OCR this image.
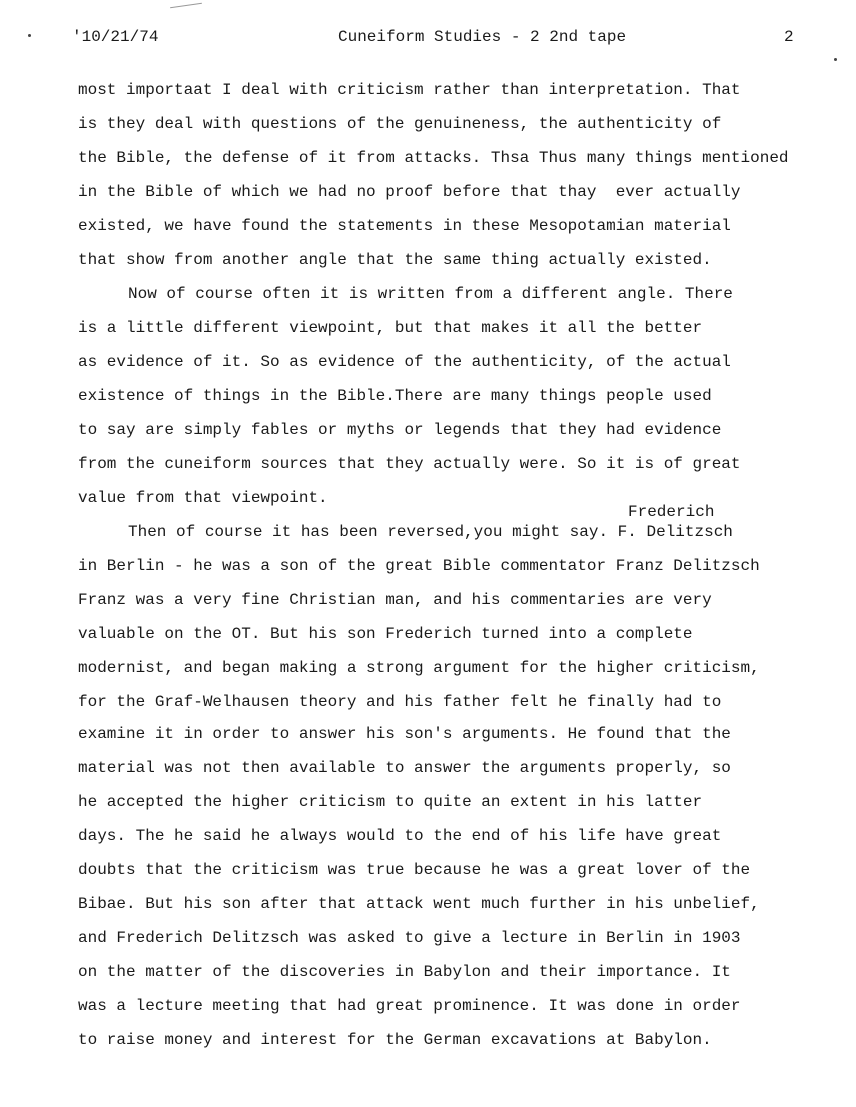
'10/21/74	Cuneiform Studies - 2 2nd tape	2
most importaat I deal with criticism rather than interpretation. That
is they deal with questions of the genuineness, the authenticity of
the Bible, the defense of it from attacks. Thsa Thus many things mentioned
in the Bible of which we had no proof before that thay  ever actually
existed, we have found the statements in these Mesopotamian material
that show from another angle that the same thing actually existed.
Now of course often it is written from a different angle. There
is a little different viewpoint, but that makes it all the better
as evidence of it. So as evidence of the authenticity, of the actual
existence of things in the Bible.There are many things people used
to say are simply fables or myths or legends that they had evidence
from the cuneiform sources that they actually were. So it is of great
value from that viewpoint.
Frederich
Then of course it has been reversed,you might say. F. Delitzsch
in Berlin - he was a son of the great Bible commentator Franz Delitzsch
Franz was a very fine Christian man, and his commentaries are very
valuable on the OT. But his son Frederich turned into a complete
modernist, and began making a strong argument for the higher criticism,
for the Graf-Welhausen theory and his father felt he finally had to
examine it in order to answer his son's arguments. He found that the
material was not then available to answer the arguments properly, so
he accepted the higher criticism to quite an extent in his latter
days. The he said he always would to the end of his life have great
doubts that the criticism was true because he was a great lover of the
Bibae. But his son after that attack went much further in his unbelief,
and Frederich Delitzsch was asked to give a lecture in Berlin in 1903
on the matter of the discoveries in Babylon and their importance. It
was a lecture meeting that had great prominence. It was done in order
to raise money and interest for the German excavations at Babylon.
